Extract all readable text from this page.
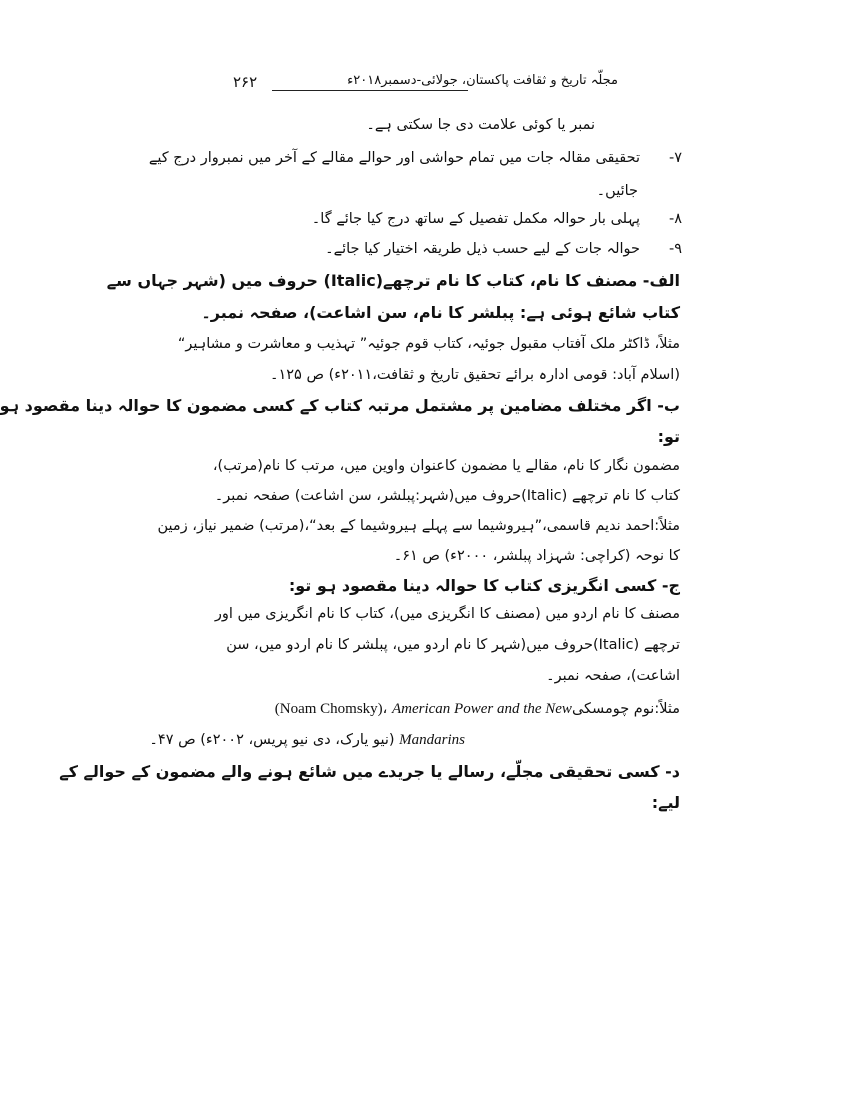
۲۶۲	مجلّہ تاریخ و ثقافت پاکستان، جولائی-دسمبر۲۰۱۸ء
نمبر یا کوئی علامت دی جا سکتی ہے۔
۷-
تحقیقی مقالہ جات میں تمام حواشی اور حوالے مقالے کے آخر میں نمبروار درج کیے
جائیں۔
۸-
پہلی بار حوالہ مکمل تفصیل کے ساتھ درج کیا جائے گا۔
۹-
حوالہ جات کے لیے حسب ذیل طریقہ اختیار کیا جائے۔
الف- مصنف کا نام، کتاب کا نام ترچھے(Italic) حروف میں (شہر جہاں سے
کتاب شائع ہوئی ہے: پبلشر کا نام، سن اشاعت)، صفحہ نمبر۔
مثلاً، ڈاکٹر ملک آفتاب مقبول جوئیہ، کتاب قوم جوئیہ” تہذیب و معاشرت و مشاہیر“
(اسلام آباد: قومی ادارہ برائے تحقیق تاریخ و ثقافت،۲۰۱۱ء) ص ۱۲۵۔
ب- اگر مختلف مضامین پر مشتمل مرتبہ کتاب کے کسی مضمون کا حوالہ دینا مقصود ہو
تو:
مضمون نگار کا نام، مقالے یا مضمون کاعنوان واوین میں، مرتب کا نام(مرتب)،
کتاب کا نام ترچھے (Italic)حروف میں(شہر:پبلشر، سن اشاعت) صفحہ نمبر۔
مثلاً:احمد ندیم قاسمی،”ہیروشیما سے پہلے ہیروشیما کے بعد“،(مرتب) ضمیر نیاز، زمین
کا نوحہ (کراچی: شہزاد پبلشر، ۲۰۰۰ء) ص ۶۱۔
ج- کسی انگریزی کتاب کا حوالہ دینا مقصود ہو تو:
مصنف کا نام اردو میں (مصنف کا انگریزی میں)، کتاب کا نام انگریزی میں اور
ترچھے (Italic)حروف میں(شہر کا نام اردو میں، پبلشر کا نام اردو میں، سن
اشاعت)، صفحہ نمبر۔
مثلاً:نوم چومسکی(Noam Chomsky)، American Power and the New
Mandarins (نیو یارک، دی نیو پریس، ۲۰۰۲ء) ص ۴۷۔
د- کسی تحقیقی مجلّے، رسالے یا جریدے میں شائع ہونے والے مضمون کے حوالے کے
لیے:
